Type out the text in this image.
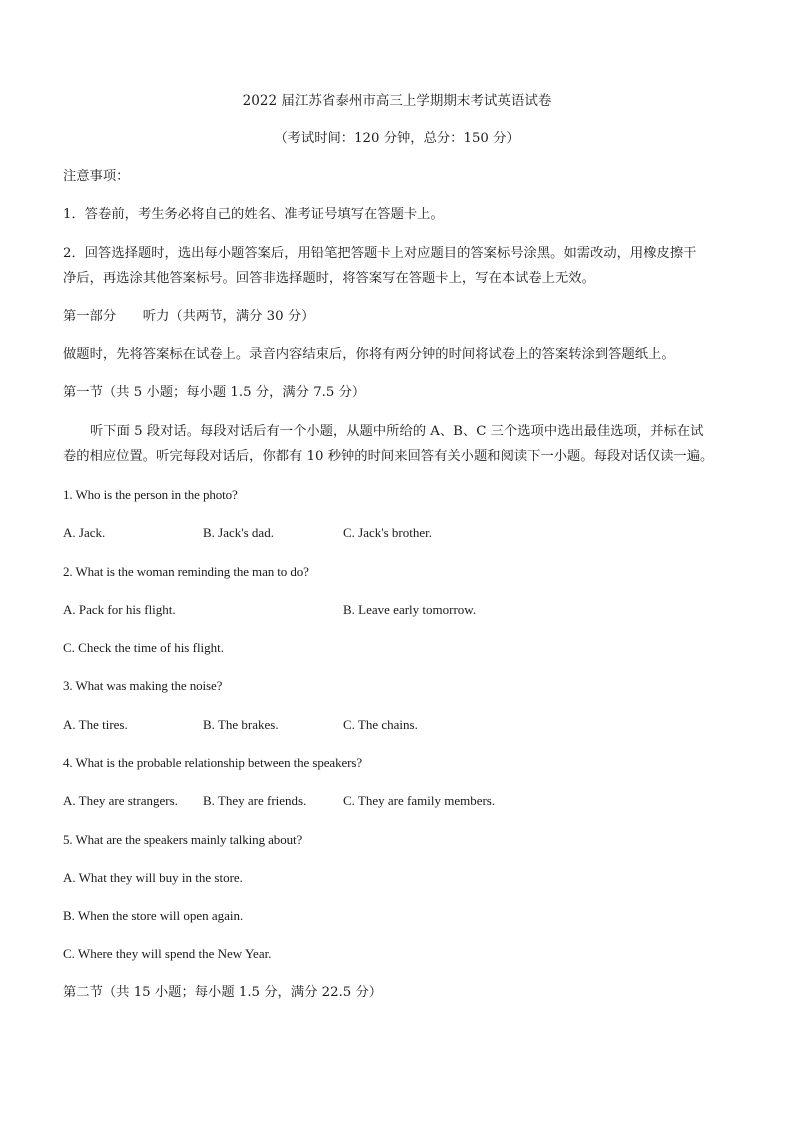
2022 届江苏省泰州市高三上学期期末考试英语试卷
（考试时间：120 分钟，总分：150 分）
注意事项：
1．答卷前，考生务必将自己的姓名、准考证号填写在答题卡上。
2．回答选择题时，选出每小题答案后，用铅笔把答题卡上对应题目的答案标号涂黑。如需改动，用橡皮擦干
净后，再选涂其他答案标号。回答非选择题时，将答案写在答题卡上，写在本试卷上无效。
第一部分　　听力（共两节，满分 30 分）
做题时，先将答案标在试卷上。录音内容结束后，你将有两分钟的时间将试卷上的答案转涂到答题纸上。
第一节（共 5 小题；每小题 1.5 分，满分 7.5 分）
听下面 5 段对话。每段对话后有一个小题，从题中所给的 A、B、C 三个选项中选出最佳选项，并标在试
卷的相应位置。听完每段对话后，你都有 10 秒钟的时间来回答有关小题和阅读下一小题。每段对话仅读一遍。
1. Who is the person in the photo?
A. Jack.	B. Jack's dad.	C. Jack's brother.
2. What is the woman reminding the man to do?
A. Pack for his flight.	B. Leave early tomorrow.
C. Check the time of his flight.
3. What was making the noise?
A. The tires.	B. The brakes.	C. The chains.
4. What is the probable relationship between the speakers?
A. They are strangers. B. They are friends.	C. They are family members.
5. What are the speakers mainly talking about?
A. What they will buy in the store.
B. When the store will open again.
C. Where they will spend the New Year.
第二节（共 15 小题；每小题 1.5 分，满分 22.5 分）
